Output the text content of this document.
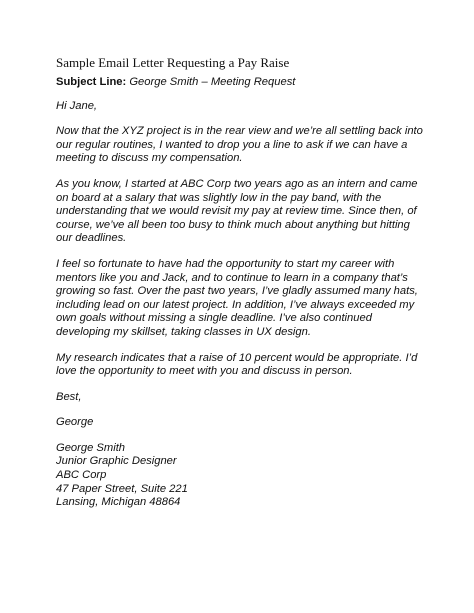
Sample Email Letter Requesting a Pay Raise

Subject Line: George Smith – Meeting Request

Hi Jane,

Now that the XYZ project is in the rear view and we’re all settling back into our regular routines, I wanted to drop you a line to ask if we can have a meeting to discuss my compensation.

As you know, I started at ABC Corp two years ago as an intern and came on board at a salary that was slightly low in the pay band, with the understanding that we would revisit my pay at review time. Since then, of course, we’ve all been too busy to think much about anything but hitting our deadlines.

I feel so fortunate to have had the opportunity to start my career with mentors like you and Jack, and to continue to learn in a company that’s growing so fast. Over the past two years, I’ve gladly assumed many hats, including lead on our latest project. In addition, I’ve always exceeded my own goals without missing a single deadline. I’ve also continued developing my skillset, taking classes in UX design.

My research indicates that a raise of 10 percent would be appropriate. I’d love the opportunity to meet with you and discuss in person.

Best,

George

George Smith
Junior Graphic Designer
ABC Corp
47 Paper Street, Suite 221
Lansing, Michigan 48864
